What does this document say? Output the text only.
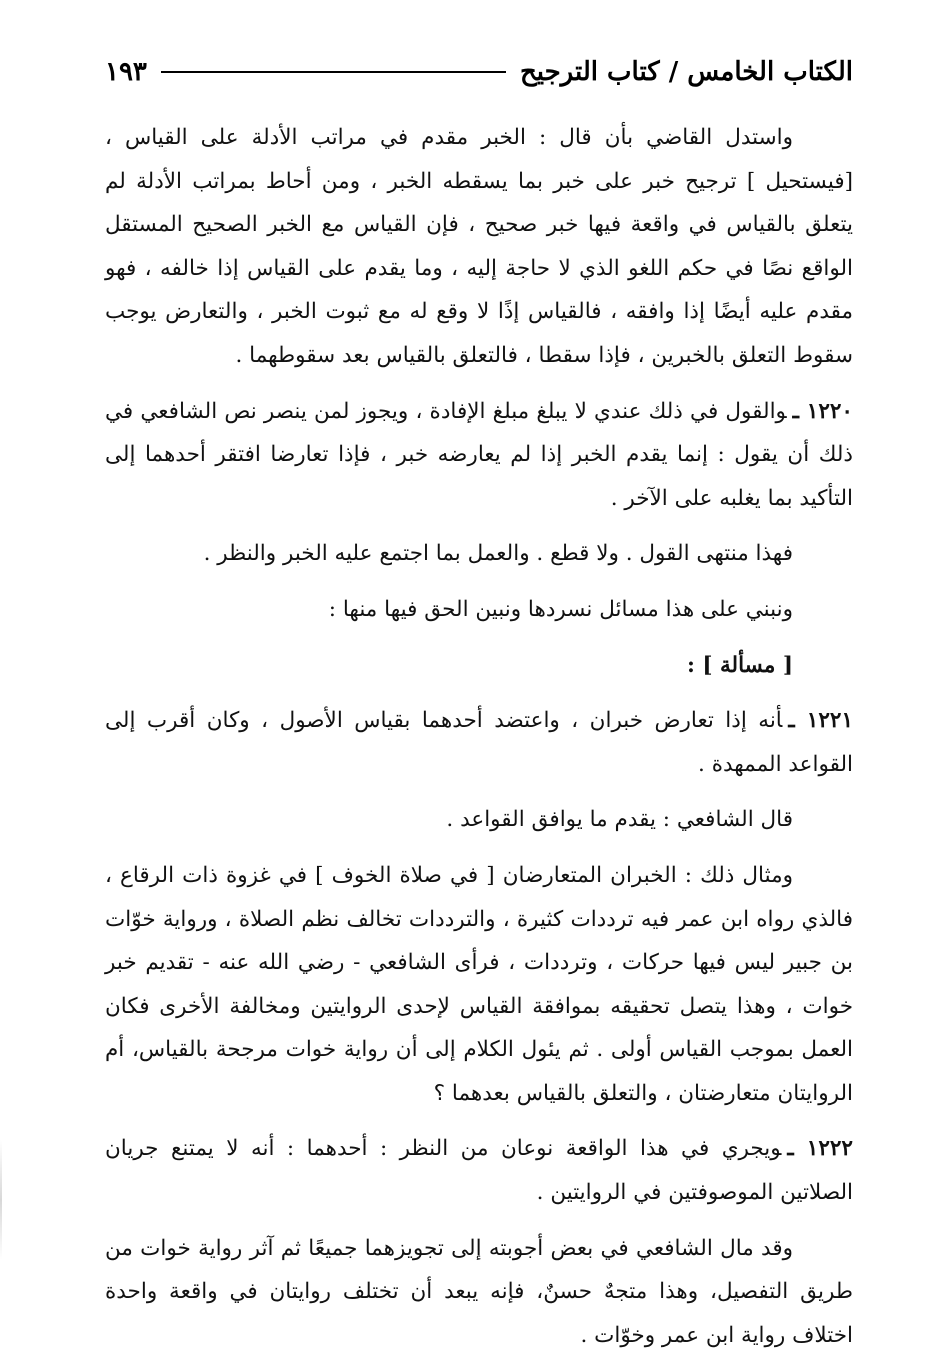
الكتاب الخامس / كتاب الترجيح
١٩٣

واستدل القاضي بأن قال : الخبر مقدم في مراتب الأدلة على القياس ، [فيستحيل ] ترجيح خبر على خبر بما يسقطه الخبر ، ومن أحاط بمراتب الأدلة لم يتعلق بالقياس في واقعة فيها خبر صحيح ، فإن القياس مع الخبر الصحيح المستقل الواقع نصًا في حكم اللغو الذي لا حاجة إليه ، وما يقدم على القياس إذا خالفه ، فهو مقدم عليه أيضًا إذا وافقه ، فالقياس إذًا لا وقع له مع ثبوت الخبر ، والتعارض يوجب سقوط التعلق بالخبرين ، فإذا سقطا ، فالتعلق بالقياس بعد سقوطهما .

١٢٢٠ ـوالقول في ذلك عندي لا يبلغ مبلغ الإفادة ، ويجوز لمن ينصر نص الشافعي في ذلك أن يقول : إنما يقدم الخبر إذا لم يعارضه خبر ، فإذا تعارضا افتقر أحدهما إلى التأكيد بما يغلبه على الآخر .

فهذا منتهى القول . ولا قطع . والعمل بما اجتمع عليه الخبر والنظر .

ونبني على هذا مسائل نسردها ونبين الحق فيها منها :

[ مسألة ] :

١٢٢١ ـأنه إذا تعارض خبران ، واعتضد أحدهما بقياس الأصول ، وكان أقرب إلى القواعد الممهدة .

قال الشافعي : يقدم ما يوافق القواعد .

ومثال ذلك : الخبران المتعارضان [ في صلاة الخوف ] في غزوة ذات الرقاع ، فالذي رواه ابن عمر فيه ترددات كثيرة ، والترددات تخالف نظم الصلاة ، ورواية خوّات بن جبير ليس فيها حركات ، وترددات ، فرأى الشافعي - رضي الله عنه - تقديم خبر خوات ، وهذا يتصل تحقيقه بموافقة القياس لإحدى الروايتين ومخالفة الأخرى فكان العمل بموجب القياس أولى . ثم يئول الكلام إلى أن رواية خوات مرجحة بالقياس، أم الروايتان متعارضتان ، والتعلق بالقياس بعدهما ؟

١٢٢٢ ـويجري في هذا الواقعة نوعان من النظر : أحدهما : أنه لا يمتنع جريان الصلاتين الموصوفتين في الروايتين .

وقد مال الشافعي في بعض أجوبته إلى تجويزهما جميعًا ثم آثر رواية خوات من طريق التفصيل، وهذا متجهٌ حسنٌ، فإنه يبعد أن تختلف روايتان في واقعة واحدة اختلاف رواية ابن عمر وخوّات .
